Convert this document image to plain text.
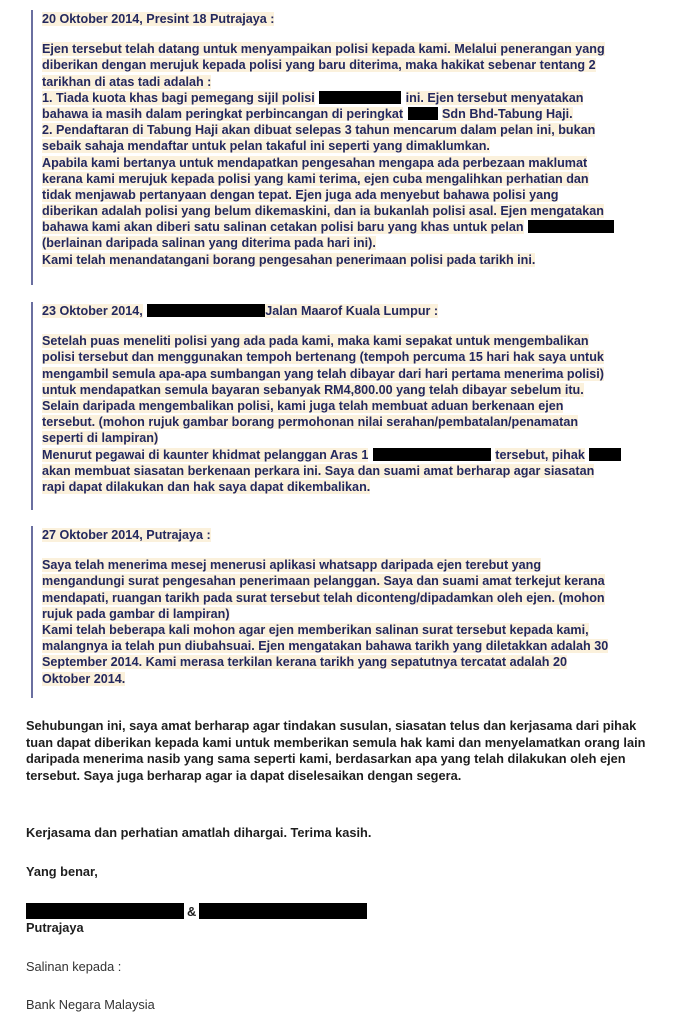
20 Oktober 2014, Presint 18 Putrajaya :
Ejen tersebut telah datang untuk menyampaikan polisi kepada kami. Melalui penerangan yang
diberikan dengan merujuk kepada polisi yang baru diterima, maka hakikat sebenar tentang 2
tarikhan di atas tadi adalah :
1. Tiada kuota khas bagi pemegang sijil polisi	ini. Ejen tersebut menyatakan
bahawa ia masih dalam peringkat perbincangan di peringkat	Sdn Bhd-Tabung Haji.
2. Pendaftaran di Tabung Haji akan dibuat selepas 3 tahun mencarum dalam pelan ini, bukan
sebaik sahaja mendaftar untuk pelan takaful ini seperti yang dimaklumkan.
Apabila kami bertanya untuk mendapatkan pengesahan mengapa ada perbezaan maklumat
kerana kami merujuk kepada polisi yang kami terima, ejen cuba mengalihkan perhatian dan
tidak menjawab pertanyaan dengan tepat. Ejen juga ada menyebut bahawa polisi yang
diberikan adalah polisi yang belum dikemaskini, dan ia bukanlah polisi asal. Ejen mengatakan
bahawa kami akan diberi satu salinan cetakan polisi baru yang khas untuk pelan
(berlainan daripada salinan yang diterima pada hari ini).
Kami telah menandatangani borang pengesahan penerimaan polisi pada tarikh ini.
23 Oktober 2014,	Jalan Maarof Kuala Lumpur :
Setelah puas meneliti polisi yang ada pada kami, maka kami sepakat untuk mengembalikan
polisi tersebut dan menggunakan tempoh bertenang (tempoh percuma 15 hari hak saya untuk
mengambil semula apa-apa sumbangan yang telah dibayar dari hari pertama menerima polisi)
untuk mendapatkan semula bayaran sebanyak RM4,800.00 yang telah dibayar sebelum itu.
Selain daripada mengembalikan polisi, kami juga telah membuat aduan berkenaan ejen
tersebut. (mohon rujuk gambar borang permohonan nilai serahan/pembatalan/penamatan
seperti di lampiran)
Menurut pegawai di kaunter khidmat pelanggan Aras 1	tersebut, pihak
akan membuat siasatan berkenaan perkara ini. Saya dan suami amat berharap agar siasatan
rapi dapat dilakukan dan hak saya dapat dikembalikan.
27 Oktober 2014, Putrajaya :
Saya telah menerima mesej menerusi aplikasi whatsapp daripada ejen terebut yang
mengandungi surat pengesahan penerimaan pelanggan. Saya dan suami amat terkejut kerana
mendapati, ruangan tarikh pada surat tersebut telah diconteng/dipadamkan oleh ejen. (mohon
rujuk pada gambar di lampiran)
Kami telah beberapa kali mohon agar ejen memberikan salinan surat tersebut kepada kami,
malangnya ia telah pun diubahsuai. Ejen mengatakan bahawa tarikh yang diletakkan adalah 30
September 2014. Kami merasa terkilan kerana tarikh yang sepatutnya tercatat adalah 20
Oktober 2014.
Sehubungan ini, saya amat berharap agar tindakan susulan, siasatan telus dan kerjasama dari pihak tuan dapat diberikan kepada kami untuk memberikan semula hak kami dan menyelamatkan orang lain daripada menerima nasib yang sama seperti kami, berdasarkan apa yang telah dilakukan oleh ejen tersebut. Saya juga berharap agar ia dapat diselesaikan dengan segera.
Kerjasama dan perhatian amatlah dihargai. Terima kasih.
Yang benar,
&
Putrajaya
Salinan kepada :
Bank Negara Malaysia
